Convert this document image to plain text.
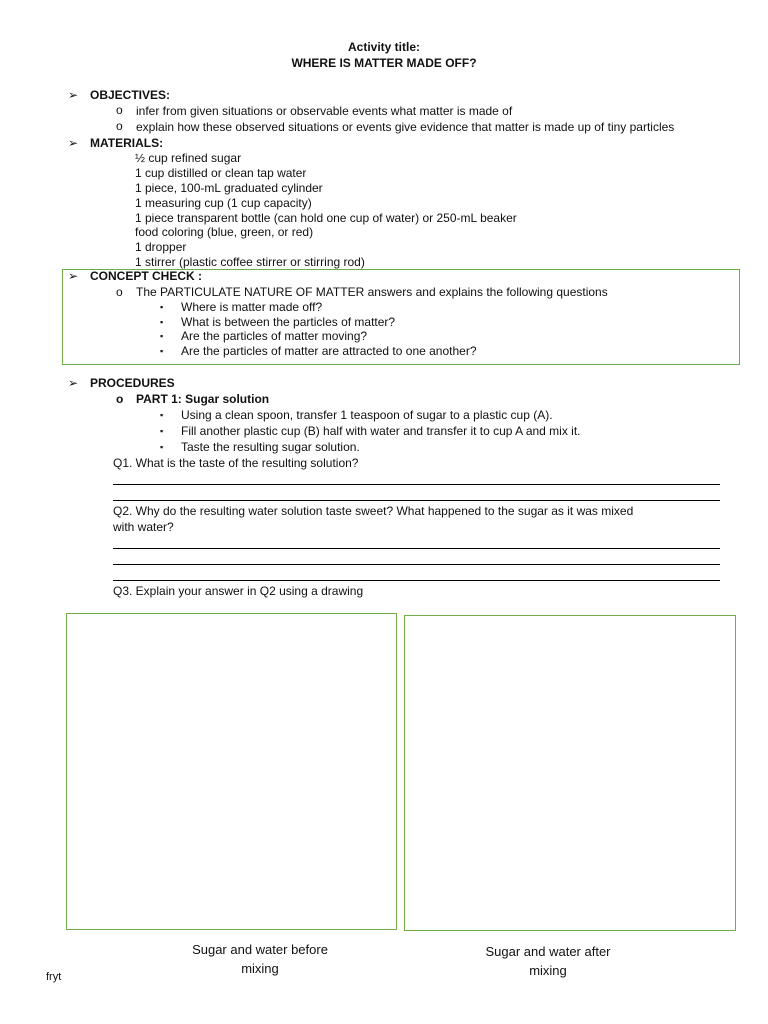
Activity title:
WHERE IS MATTER MADE OFF?
➢ OBJECTIVES:
o infer from given situations or observable events what matter is made of
o explain how these observed situations or events give evidence that matter is made up of tiny particles
➢ MATERIALS:
½ cup refined sugar
1 cup distilled or clean tap water
1 piece, 100-mL graduated cylinder
1 measuring cup (1 cup capacity)
1 piece transparent bottle (can hold one cup of water) or 250-mL beaker
food coloring (blue, green, or red)
1 dropper
1 stirrer (plastic coffee stirrer or stirring rod)
➢ CONCEPT CHECK :
o The PARTICULATE NATURE OF MATTER answers and explains the following questions
▪ Where is matter made off?
▪ What is between the particles of matter?
▪ Are the particles of matter moving?
▪ Are the particles of matter are attracted to one another?
➢ PROCEDURES
o PART 1: Sugar solution
▪ Using a clean spoon, transfer 1 teaspoon of sugar to a plastic cup (A).
▪ Fill another plastic cup (B) half with water and transfer it to cup A and mix it.
▪ Taste the resulting sugar solution.
Q1. What is the taste of the resulting solution?
Q2. Why do the resulting water solution taste sweet? What happened to the sugar as it was mixed
with water?
Q3. Explain your answer in Q2 using a drawing
Sugar and water before
mixing
Sugar and water after
mixing
fryt
